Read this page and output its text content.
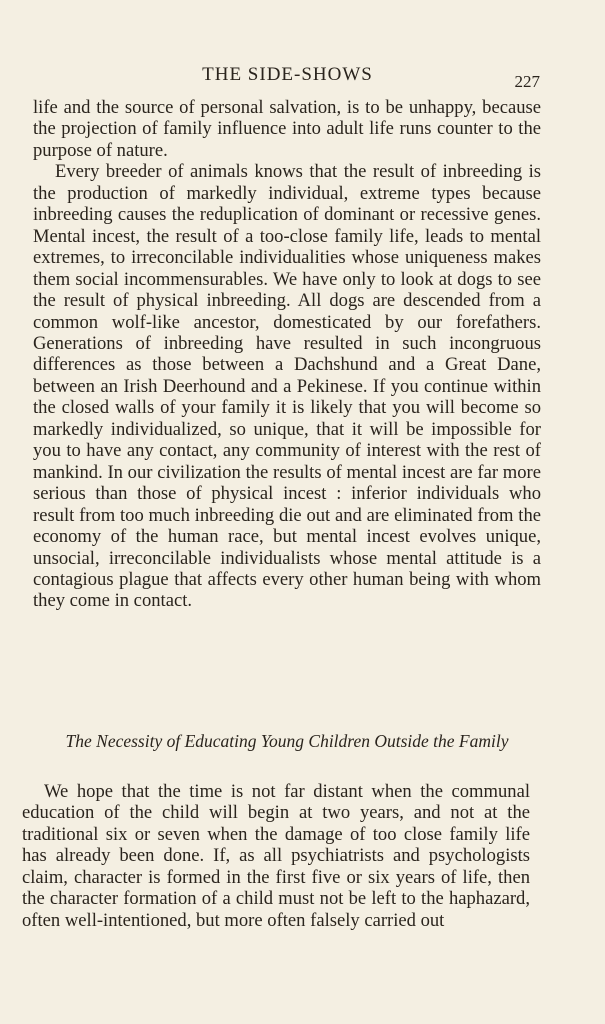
THE SIDE-SHOWS	227

life and the source of personal salvation, is to be unhappy, because the projection of family influence into adult life runs counter to the purpose of nature.

Every breeder of animals knows that the result of inbreeding is the production of markedly individual, extreme types because inbreeding causes the reduplication of dominant or recessive genes. Mental incest, the result of a too-close family life, leads to mental extremes, to irreconcilable individualities whose uniqueness makes them social incommensurables. We have only to look at dogs to see the result of physical inbreeding. All dogs are descended from a common wolf-like ancestor, domesticated by our forefathers. Generations of inbreeding have resulted in such incongruous differences as those between a Dachshund and a Great Dane, between an Irish Deerhound and a Pekinese. If you continue within the closed walls of your family it is likely that you will become so markedly individualized, so unique, that it will be impossible for you to have any contact, any community of interest with the rest of mankind. In our civilization the results of mental incest are far more serious than those of physical incest : inferior individuals who result from too much inbreeding die out and are eliminated from the economy of the human race, but mental incest evolves unique, unsocial, irreconcilable individualists whose mental attitude is a contagious plague that affects every other human being with whom they come in contact.

The Necessity of Educating Young Children Outside the Family

We hope that the time is not far distant when the communal education of the child will begin at two years, and not at the traditional six or seven when the damage of too close family life has already been done. If, as all psychiatrists and psychologists claim, character is formed in the first five or six years of life, then the character formation of a child must not be left to the haphazard, often well-intentioned, but more often falsely carried out
